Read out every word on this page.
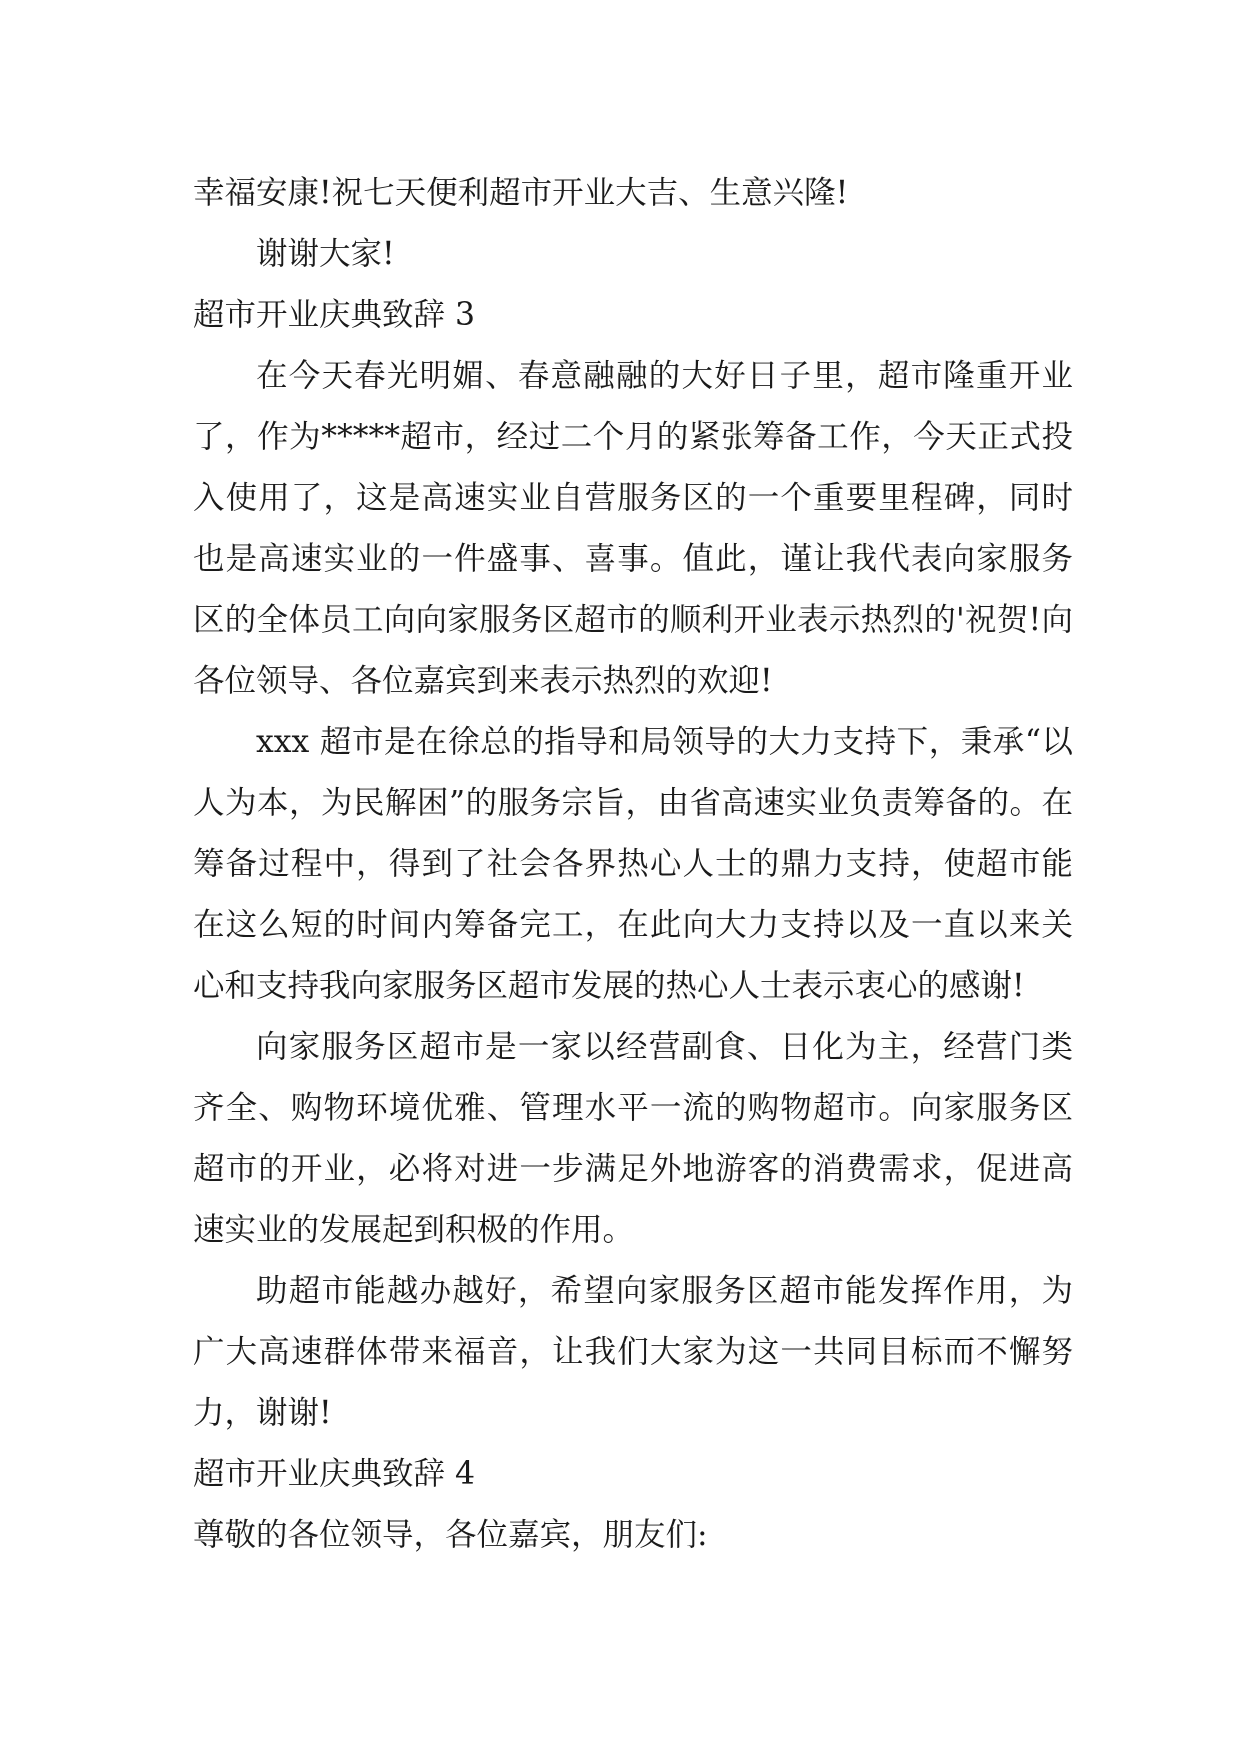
幸福安康!祝七天便利超市开业大吉、生意兴隆!

谢谢大家!

超市开业庆典致辞 3

在今天春光明媚、春意融融的大好日子里，超市隆重开业了，作为*****超市，经过二个月的紧张筹备工作，今天正式投入使用了，这是高速实业自营服务区的一个重要里程碑，同时也是高速实业的一件盛事、喜事。值此，谨让我代表向家服务区的全体员工向向家服务区超市的顺利开业表示热烈的'祝贺!向各位领导、各位嘉宾到来表示热烈的欢迎!

xxx 超市是在徐总的指导和局领导的大力支持下，秉承“以人为本，为民解困”的服务宗旨，由省高速实业负责筹备的。在筹备过程中，得到了社会各界热心人士的鼎力支持，使超市能在这么短的时间内筹备完工，在此向大力支持以及一直以来关心和支持我向家服务区超市发展的热心人士表示衷心的感谢!

向家服务区超市是一家以经营副食、日化为主，经营门类齐全、购物环境优雅、管理水平一流的购物超市。向家服务区超市的开业，必将对进一步满足外地游客的消费需求，促进高速实业的发展起到积极的作用。

助超市能越办越好，希望向家服务区超市能发挥作用，为广大高速群体带来福音，让我们大家为这一共同目标而不懈努力，谢谢!

超市开业庆典致辞 4

尊敬的各位领导，各位嘉宾，朋友们:
